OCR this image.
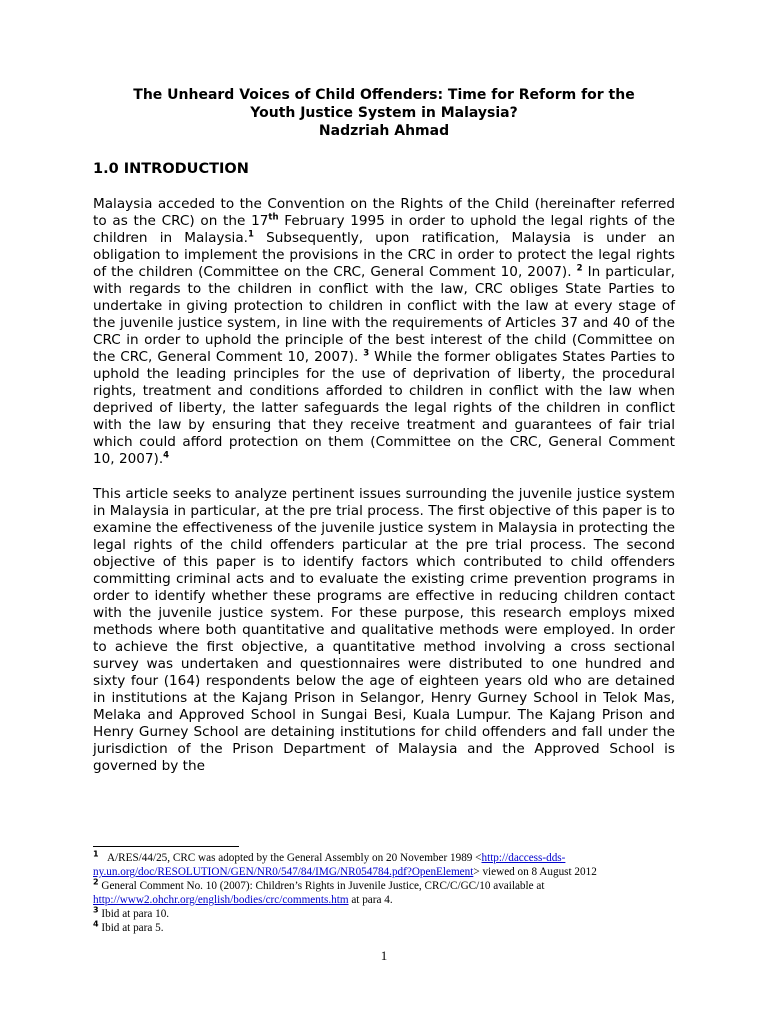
The Unheard Voices of Child Offenders: Time for Reform for the
Youth Justice System in Malaysia?
Nadzriah Ahmad
1.0 INTRODUCTION
Malaysia acceded to the Convention on the Rights of the Child (hereinafter referred to as the CRC) on the 17th February 1995 in order to uphold the legal rights of the children in Malaysia.$^1$ Subsequently, upon ratification, Malaysia is under an obligation to implement the provisions in the CRC in order to protect the legal rights of the children (Committee on the CRC, General Comment 10, 2007). $^2$ In particular, with regards to the children in conflict with the law, CRC obliges State Parties to undertake in giving protection to children in conflict with the law at every stage of the juvenile justice system, in line with the requirements of Articles 37 and 40 of the CRC in order to uphold the principle of the best interest of the child (Committee on the CRC, General Comment 10, 2007). $^3$ While the former obligates States Parties to uphold the leading principles for the use of deprivation of liberty, the procedural rights, treatment and conditions afforded to children in conflict with the law when deprived of liberty, the latter safeguards the legal rights of the children in conflict with the law by ensuring that they receive treatment and guarantees of fair trial which could afford protection on them (Committee on the CRC, General Comment 10, 2007).$^4$
This article seeks to analyze pertinent issues surrounding the juvenile justice system in Malaysia in particular, at the pre trial process. The first objective of this paper is to examine the effectiveness of the juvenile justice system in Malaysia in protecting the legal rights of the child offenders particular at the pre trial process. The second objective of this paper is to identify factors which contributed to child offenders committing criminal acts and to evaluate the existing crime prevention programs in order to identify whether these programs are effective in reducing children contact with the juvenile justice system. For these purpose, this research employs mixed methods where both quantitative and qualitative methods were employed. In order to achieve the first objective, a quantitative method involving a cross sectional survey was undertaken and questionnaires were distributed to one hundred and sixty four (164) respondents below the age of eighteen years old who are detained in institutions at the Kajang Prison in Selangor, Henry Gurney School in Telok Mas, Melaka and Approved School in Sungai Besi, Kuala Lumpur. The Kajang Prison and Henry Gurney School are detaining institutions for child offenders and fall under the jurisdiction of the Prison Department of Malaysia and the Approved School is governed by the
$^1$ A/RES/44/25, CRC was adopted by the General Assembly on 20 November 1989 <http://daccess-dds-ny.un.org/doc/RESOLUTION/GEN/NR0/547/84/IMG/NR054784.pdf?OpenElement> viewed on 8 August 2012
$^2$ General Comment No. 10 (2007): Children’s Rights in Juvenile Justice, CRC/C/GC/10 available at
http://www2.ohchr.org/english/bodies/crc/comments.htm at para 4.
$^3$ Ibid at para 10.
$^4$ Ibid at para 5.
1
